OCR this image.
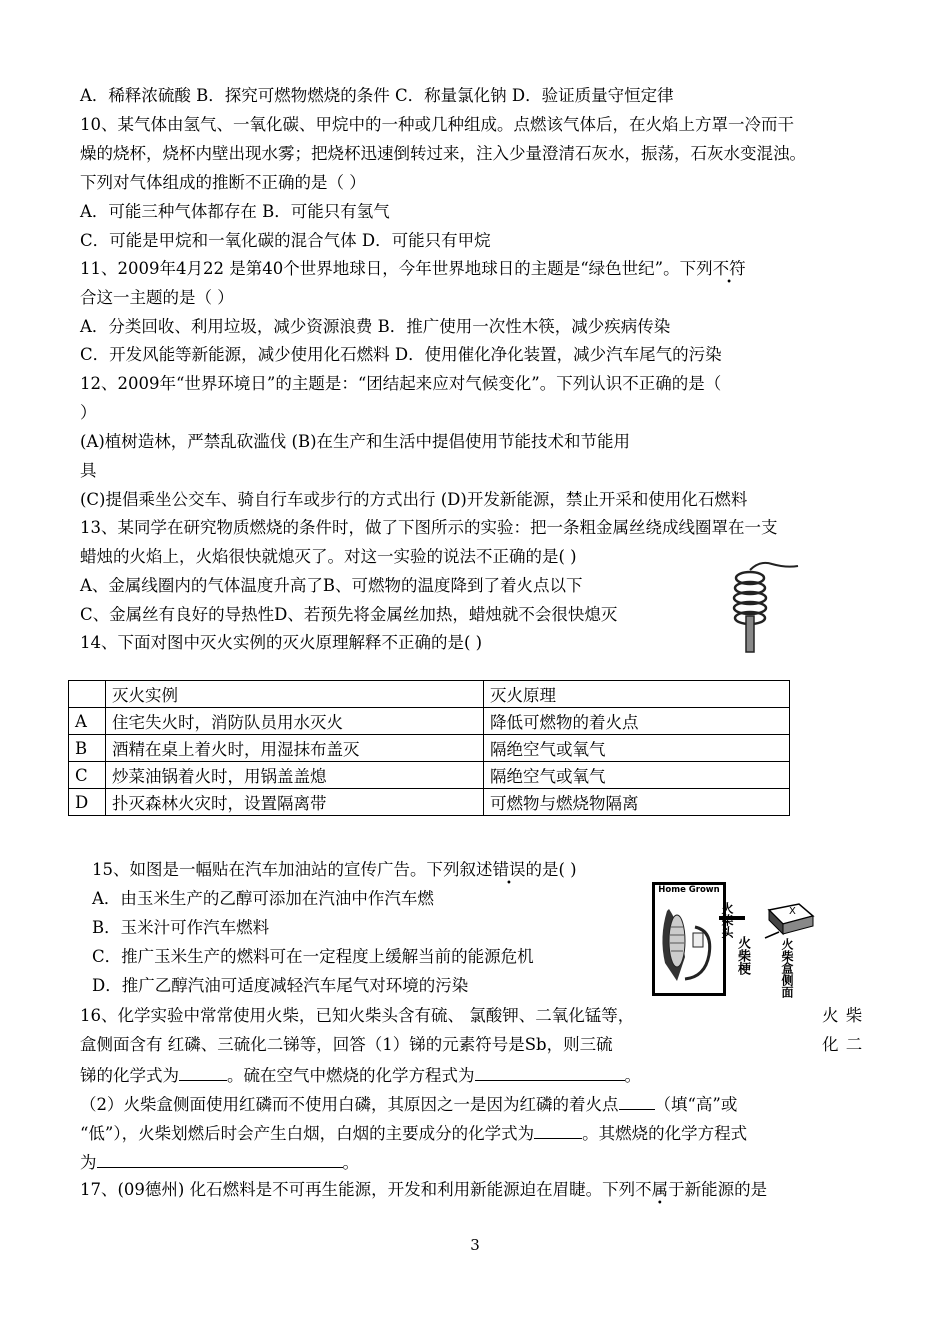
A．稀释浓硫酸 B．探究可燃物燃烧的条件 C．称量氯化钠 D．验证质量守恒定律
10、某气体由氢气、一氧化碳、甲烷中的一种或几种组成。点燃该气体后，在火焰上方罩一冷而干
燥的烧杯，烧杯内壁出现水雾；把烧杯迅速倒转过来，注入少量澄清石灰水，振荡，石灰水变混浊。
下列对气体组成的推断不正确的是（ ）
A．可能三种气体都存在 B．可能只有氢气
C．可能是甲烷和一氧化碳的混合气体 D．可能只有甲烷
11、2009年4月22 是第40个世界地球日，今年世界地球日的主题是“绿色世纪”。下列不符
合这一主题的是（ ）
A．分类回收、利用垃圾，减少资源浪费 B．推广使用一次性木筷，减少疾病传染
C．开发风能等新能源，减少使用化石燃料 D．使用催化净化装置，减少汽车尾气的污染
12、2009年“世界环境日”的主题是：“团结起来应对气候变化”。下列认识不正确的是（
）
(A)植树造林，严禁乱砍滥伐 (B)在生产和生活中提倡使用节能技术和节能用
具
(C)提倡乘坐公交车、骑自行车或步行的方式出行 (D)开发新能源，禁止开采和使用化石燃料
13、某同学在研究物质燃烧的条件时，做了下图所示的实验：把一条粗金属丝绕成线圈罩在一支
蜡烛的火焰上，火焰很快就熄灭了。对这一实验的说法不正确的是( )
A、金属线圈内的气体温度升高了B、可燃物的温度降到了着火点以下
C、金属丝有良好的导热性D、若预先将金属丝加热，蜡烛就不会很快熄灭
14、下面对图中灭火实例的灭火原理解释不正确的是( )
	灭火实例	灭火原理
A	住宅失火时，消防队员用水灭火	降低可燃物的着火点
B	酒精在桌上着火时，用湿抹布盖灭	隔绝空气或氧气
C	炒菜油锅着火时，用锅盖盖熄	隔绝空气或氧气
D	扑灭森林火灾时，设置隔离带	可燃物与燃烧物隔离
15、如图是一幅贴在汽车加油站的宣传广告。下列叙述错误的是( )
A．由玉米生产的乙醇可添加在汽油中作汽车燃
B．玉米汁可作汽车燃料
C．推广玉米生产的燃料可在一定程度上缓解当前的能源危机
D．推广乙醇汽油可适度减轻汽车尾气对环境的污染
Home Grown
火柴头
火柴梗
X
火柴盒侧面
16、化学实验中常常使用火柴，已知火柴头含有硫、 氯酸钾、二氧化锰等，	火 柴
盒侧面含有 红磷、三硫化二锑等，回答（1）锑的元素符号是Sb，则三硫	化 二
锑的化学式为	。硫在空气中燃烧的化学方程式为	。
（2）火柴盒侧面使用红磷而不使用白磷，其原因之一是因为红磷的着火点 （填“高”或
“低”），火柴划燃后时会产生白烟，白烟的主要成分的化学式为	。其燃烧的化学方程式
为	。
17、(09德州) 化石燃料是不可再生能源，开发和利用新能源迫在眉睫。下列不属于新能源的是
3
